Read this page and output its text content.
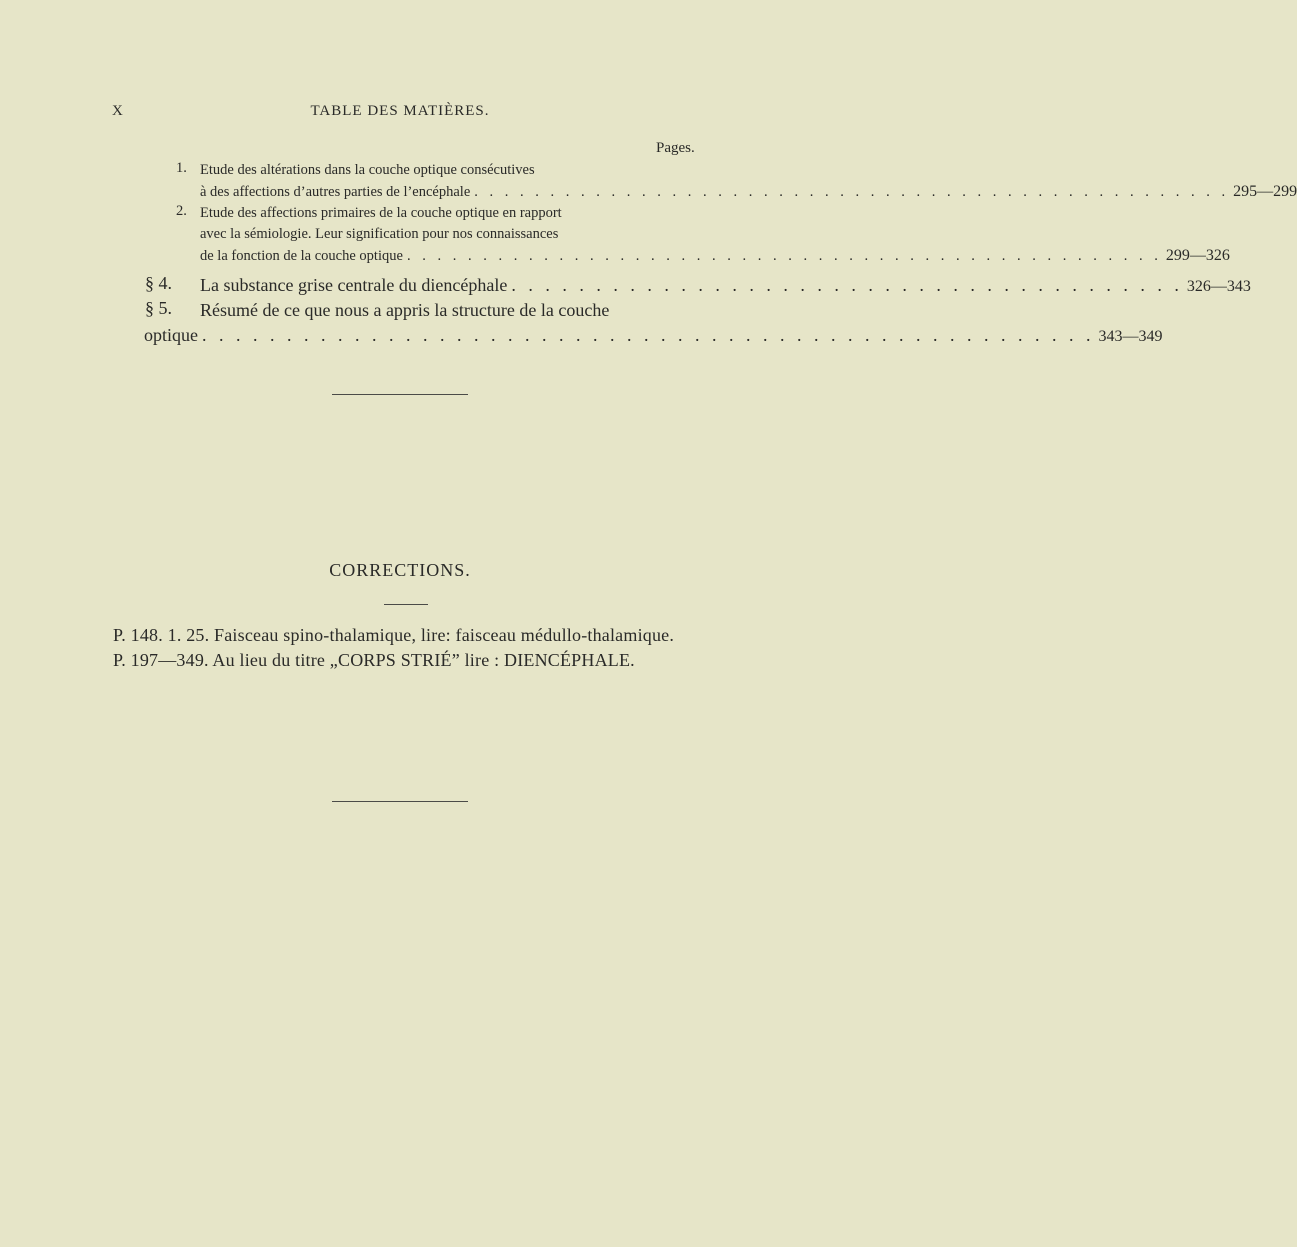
X	TABLE DES MATIÈRES.
Pages.
1. Etude des altérations dans la couche optique consécutives
à des affections d’autres parties de l’encéphale . . . . . . . . . . . . . . . . . . . . . . . . . . . . . . . . . . . . . . . . . . . . . . . . . . 295—299
2. Etude des affections primaires de la couche optique en rapport
avec la sémiologie. Leur signification pour nos connaissances
de la fonction de la couche optique . . . . . . . . . . . . . . . . . . . . . . . . . . . . . . . . . . . . . . . . . . . . . . . . . . 299—326
§ 4. La substance grise centrale du diencéphale . . . . . . . . . . . . . . . . . . . . . . . . . . . . . . . . . . . . . . . . 326—343
§ 5. Résumé de ce que nous a appris la structure de la couche
optique . . . . . . . . . . . . . . . . . . . . . . . . . . . . . . . . . . . . . . . . . . . . . . . . . . . . . 343—349
CORRECTIONS.
P. 148. 1. 25. Faisceau spino-thalamique, lire: faisceau médullo-thalamique.
P. 197—349. Au lieu du titre „CORPS STRIÉ” lire : DIENCÉPHALE.
